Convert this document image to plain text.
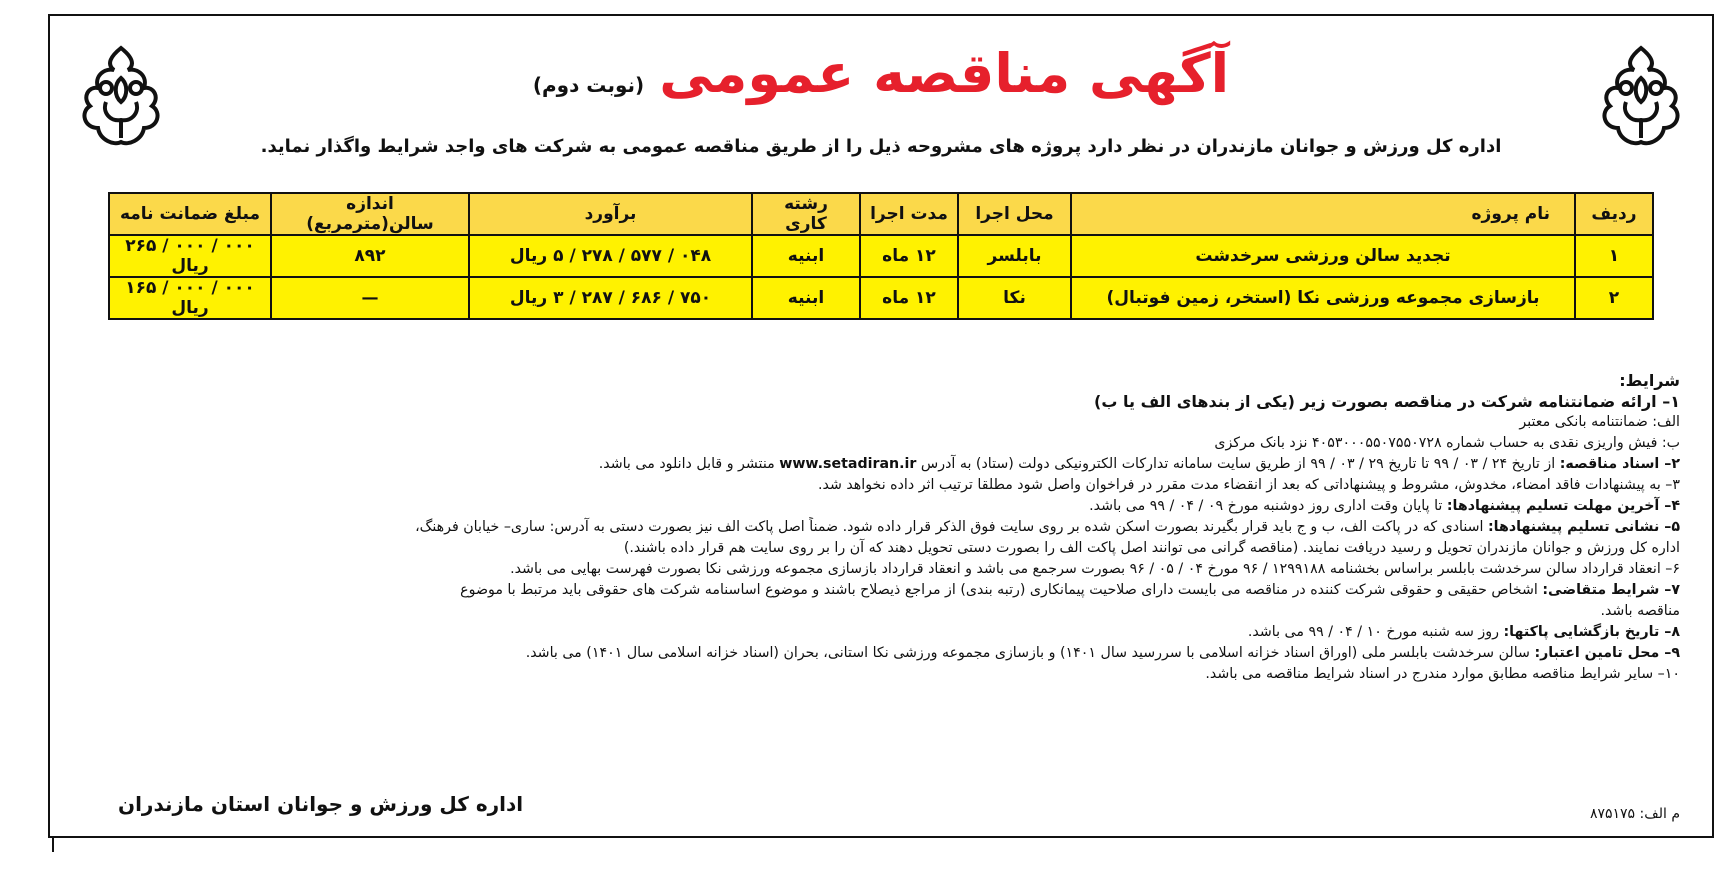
آگهی مناقصه عمومی (نوبت دوم)
اداره کل ورزش و جوانان مازندران در نظر دارد پروژه های مشروحه ذیل را از طریق مناقصه عمومی به شرکت های واجد شرایط واگذار نماید.
ردیف	نام پروژه	محل اجرا	مدت اجرا	رشته کاری	برآورد	اندازه سالن(مترمربع)	مبلغ ضمانت نامه
۱	تجدید سالن ورزشی سرخدشت	بابلسر	۱۲ ماه	ابنیه	۰۴۸ / ۵۷۷ / ۲۷۸ / ۵ ریال	۸۹۲	۰۰۰ / ۰۰۰ / ۲۶۵ ریال
۲	بازسازی مجموعه ورزشی نکا (استخر، زمین فوتبال)	نکا	۱۲ ماه	ابنیه	۷۵۰ / ۶۸۶ / ۲۸۷ / ۳ ریال	—	۰۰۰ / ۰۰۰ / ۱۶۵ ریال

شرایط:

۱– ارائه ضمانتنامه شرکت در مناقصه بصورت زیر (یکی از بندهای الف یا ب)

الف: ضمانتنامه بانکی معتبر

ب: فیش واریزی نقدی به حساب شماره ۴۰۵۳۰۰۰۵۵۰۷۵۵۰۷۲۸ نزد بانک مرکزی

۲– اسناد مناقصه: از تاریخ ۲۴ / ۰۳ / ۹۹ تا تاریخ ۲۹ / ۰۳ / ۹۹ از طریق سایت سامانه تدارکات الکترونیکی دولت (ستاد) به آدرس www.setadiran.ir منتشر و قابل دانلود می باشد.

۳– به پیشنهادات فاقد امضاء، مخدوش، مشروط و پیشنهاداتی که بعد از انقضاء مدت مقرر در فراخوان واصل شود مطلقا ترتیب اثر داده نخواهد شد.

۴– آخرین مهلت تسلیم پیشنهادها: تا پایان وقت اداری روز دوشنبه مورخ ۰۹ / ۰۴ / ۹۹ می باشد.

۵– نشانی تسلیم پیشنهادها: اسنادی که در پاکت الف، ب و ج باید قرار بگیرند بصورت اسکن شده بر روی سایت فوق الذکر قرار داده شود. ضمناً اصل پاکت الف نیز بصورت دستی به آدرس: ساری– خیابان فرهنگ،

اداره کل ورزش و جوانان مازندران تحویل و رسید دریافت نمایند. (مناقصه گرانی می توانند اصل پاکت الف را بصورت دستی تحویل دهند که آن را بر روی سایت هم قرار داده باشند.)

۶– انعقاد قرارداد سالن سرخدشت بابلسر براساس بخشنامه ۱۲۹۹۱۸۸ / ۹۶ مورخ ۰۴ / ۰۵ / ۹۶ بصورت سرجمع می باشد و انعقاد قرارداد بازسازی مجموعه ورزشی نکا بصورت فهرست بهایی می باشد.

۷– شرایط متقاضی: اشخاص حقیقی و حقوقی شرکت کننده در مناقصه می بایست دارای صلاحیت پیمانکاری (رتبه بندی) از مراجع ذیصلاح باشند و موضوع اساسنامه شرکت های حقوقی باید مرتبط با موضوع

مناقصه باشد.

۸– تاریخ بازگشایی پاکتها: روز سه شنبه مورخ ۱۰ / ۰۴ / ۹۹ می باشد.

۹– محل تامین اعتبار: سالن سرخدشت بابلسر ملی (اوراق اسناد خزانه اسلامی با سررسید سال ۱۴۰۱) و بازسازی مجموعه ورزشی نکا استانی، بحران (اسناد خزانه اسلامی سال ۱۴۰۱) می باشد.

۱۰– سایر شرایط مناقصه مطابق موارد مندرج در اسناد شرایط مناقصه می باشد.

م الف: ۸۷۵۱۷۵
اداره کل ورزش و جوانان استان مازندران
